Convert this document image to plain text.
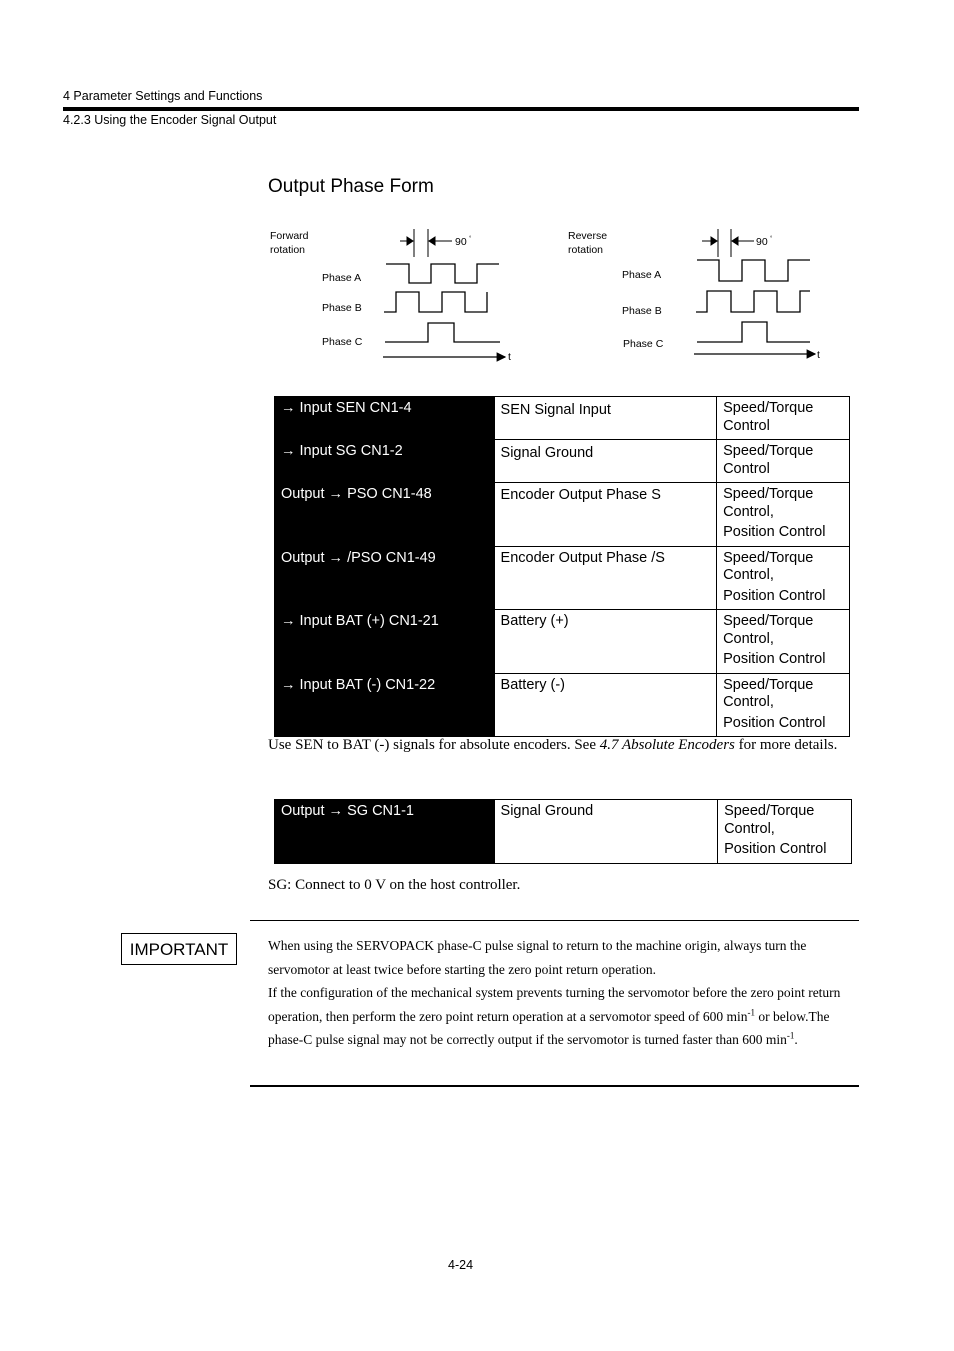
4 Parameter Settings and Functions
4.2.3 Using the Encoder Signal Output
Output Phase Form
Forward
rotation
90 °
Phase A
Phase B
Phase C
t
Reverse
rotation
90 °
Phase A
Phase B
Phase C
t
→ Input SEN CN1-4	SEN Signal Input	Speed/Torque
Control

→ Input SG CN1-2	Signal Ground	Speed/Torque
Control

Output → PSO CN1-48	Encoder Output Phase S	Speed/Torque
Control,
Position Control

Output → /PSO CN1-49	Encoder Output Phase /S	Speed/Torque
Control,
Position Control

→ Input BAT (+) CN1-21	Battery (+)	Speed/Torque
Control,
Position Control

→ Input BAT (-) CN1-22	Battery (-)	Speed/Torque
Control,
Position Control
Use SEN to BAT (-) signals for absolute encoders. See 4.7 Absolute Encoders for more details.
Output → SG CN1-1	Signal Ground	Speed/Torque
Control,
Position Control
SG: Connect to 0 V on the host controller.
IMPORTANT	When using the SERVOPACK phase-C pulse signal to return to the machine origin, always turn the servomotor at least twice before starting the zero point return operation.

If the configuration of the mechanical system prevents turning the servomotor before the zero point return operation, then perform the zero point return operation at a servomotor speed of 600 $\min^{-1}$ or below.The phase-C pulse signal may not be correctly output if the servomotor is turned faster than 600 $\min^{-1}$.

4-24
